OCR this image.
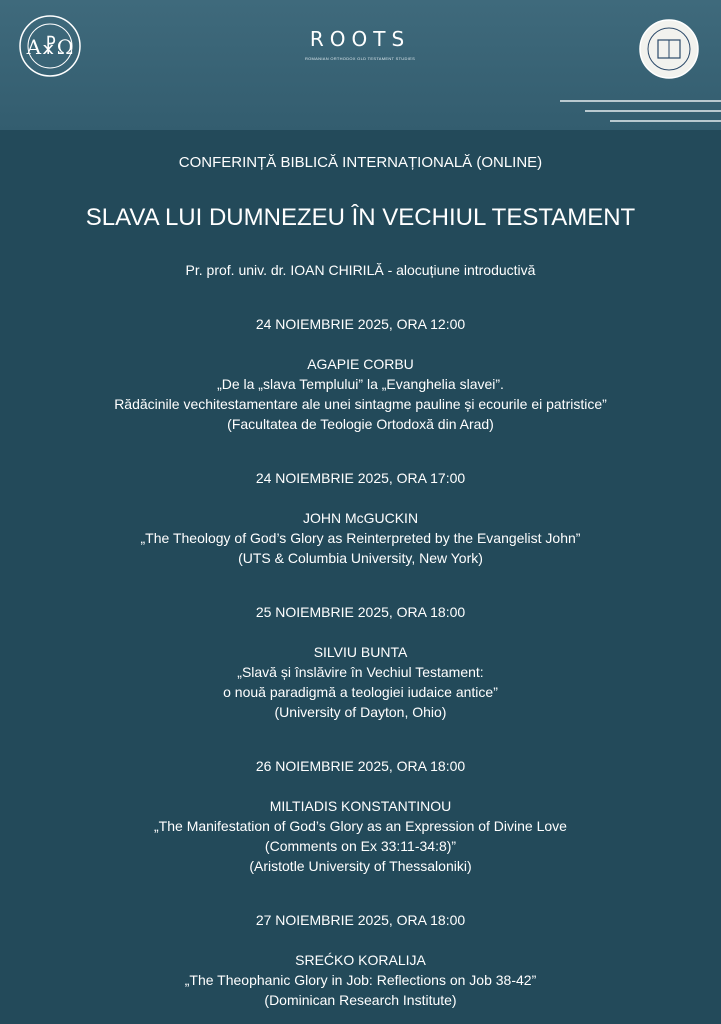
Α☧Ω	ROOTS
ROMANIAN ORTHODOX OLD TESTAMENT STUDIES
CONFERINȚĂ BIBLICĂ INTERNAȚIONALĂ (ONLINE)
SLAVA LUI DUMNEZEU ÎN VECHIUL TESTAMENT
Pr. prof. univ. dr. IOAN CHIRILĂ - alocuțiune introductivă
24 NOIEMBRIE 2025, ORA 12:00
AGAPIE CORBU
„De la „slava Templului” la „Evanghelia slavei”.
Rădăcinile vechitestamentare ale unei sintagme pauline și ecourile ei patristice”
(Facultatea de Teologie Ortodoxă din Arad)
24 NOIEMBRIE 2025, ORA 17:00
JOHN McGUCKIN
„The Theology of God’s Glory as Reinterpreted by the Evangelist John”
(UTS & Columbia University, New York)
25 NOIEMBRIE 2025, ORA 18:00
SILVIU BUNTA
„Slavă și înslăvire în Vechiul Testament:
o nouă paradigmă a teologiei iudaice antice”
(University of Dayton, Ohio)
26 NOIEMBRIE 2025, ORA 18:00
MILTIADIS KONSTANTINOU
„The Manifestation of God’s Glory as an Expression of Divine Love
(Comments on Ex 33:11-34:8)”
(Aristotle University of Thessaloniki)
27 NOIEMBRIE 2025, ORA 18:00
SREĆKO KORALIJA
„The Theophanic Glory in Job: Reflections on Job 38-42”
(Dominican Research Institute)
